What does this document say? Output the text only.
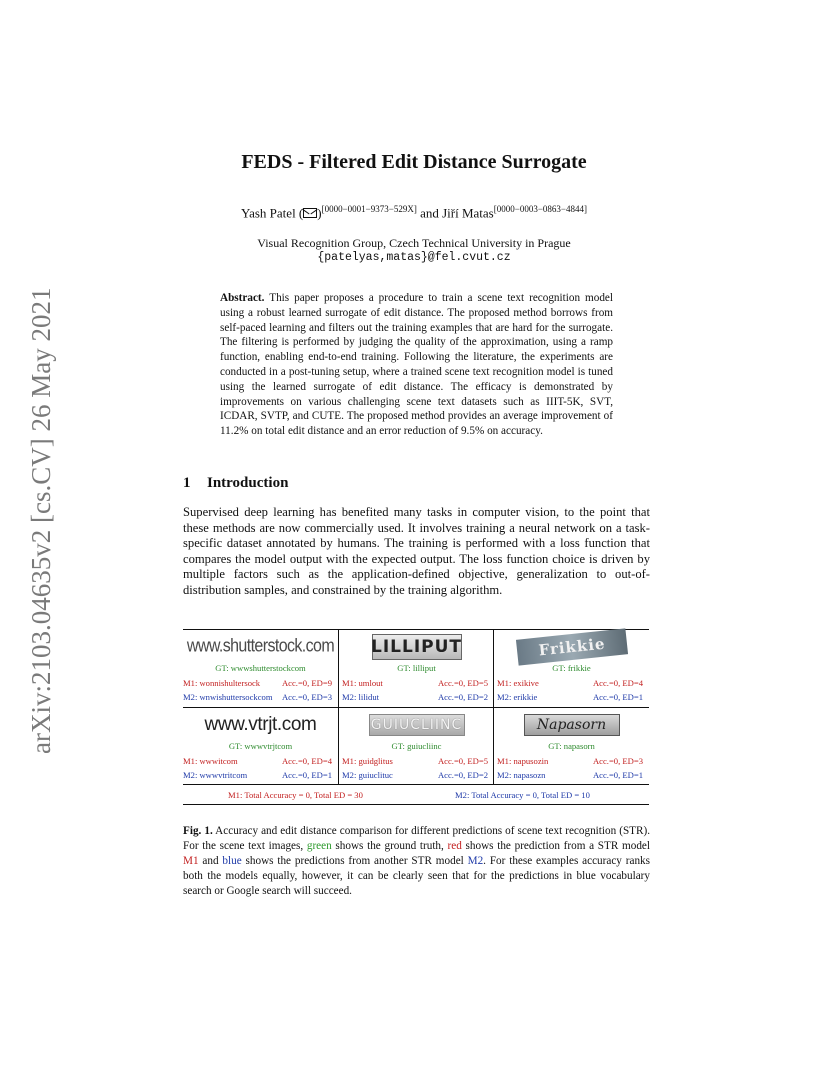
arXiv:2103.04635v2 [cs.CV] 26 May 2021
FEDS - Filtered Edit Distance Surrogate
Yash Patel ( )[0000−0001−9373−529X] and Jiří Matas[0000−0003−0863−4844]
Visual Recognition Group, Czech Technical University in Prague
{patelyas,matas}@fel.cvut.cz
Abstract. This paper proposes a procedure to train a scene text recognition model using a robust learned surrogate of edit distance. The proposed method borrows from self-paced learning and filters out the training examples that are hard for the surrogate. The filtering is performed by judging the quality of the approximation, using a ramp function, enabling end-to-end training. Following the literature, the experiments are conducted in a post-tuning setup, where a trained scene text recognition model is tuned using the learned surrogate of edit distance. The efficacy is demonstrated by improvements on various challenging scene text datasets such as IIIT-5K, SVT, ICDAR, SVTP, and CUTE. The proposed method provides an average improvement of 11.2% on total edit distance and an error reduction of 9.5% on accuracy.
1 Introduction
Supervised deep learning has benefited many tasks in computer vision, to the point that these methods are now commercially used. It involves training a neural network on a task-specific dataset annotated by humans. The training is performed with a loss function that compares the model output with the expected output. The loss function choice is driven by multiple factors such as the application-defined objective, generalization to out-of-distribution samples, and constrained by the training algorithm.
www.shutterstock.com
GT: wwwshutterstockcom
M1: wonnishultersock	Acc.=0, ED=9
M2: wnwishuttersockcom Acc.=0, ED=3
LILLIPUT
GT: lilliput
M1: umlout	Acc.=0, ED=5
M2: lilidut	Acc.=0, ED=2
Frikkie
GT: frikkie
M1: exikive	Acc.=0, ED=4
M2: erikkie	Acc.=0, ED=1
www.vtrjt.com
GT: wwwvtrjtcom
M1: wwwitcom	Acc.=0, ED=4
M2: wwwvtritcom	Acc.=0, ED=1
GUIUCLIINC
GT: guiucliinc
M1: guidglitus	Acc.=0, ED=5
M2: guiuclituc	Acc.=0, ED=2
Napasorn
GT: napasorn
M1: napusozin	Acc.=0, ED=3
M2: napasozn	Acc.=0, ED=1
M1: Total Accuracy = 0, Total ED = 30	M2: Total Accuracy = 0, Total ED = 10
Fig. 1. Accuracy and edit distance comparison for different predictions of scene text recognition (STR). For the scene text images, green shows the ground truth, red shows the prediction from a STR model M1 and blue shows the predictions from another STR model M2. For these examples accuracy ranks both the models equally, however, it can be clearly seen that for the predictions in blue vocabulary search or Google search will succeed.
